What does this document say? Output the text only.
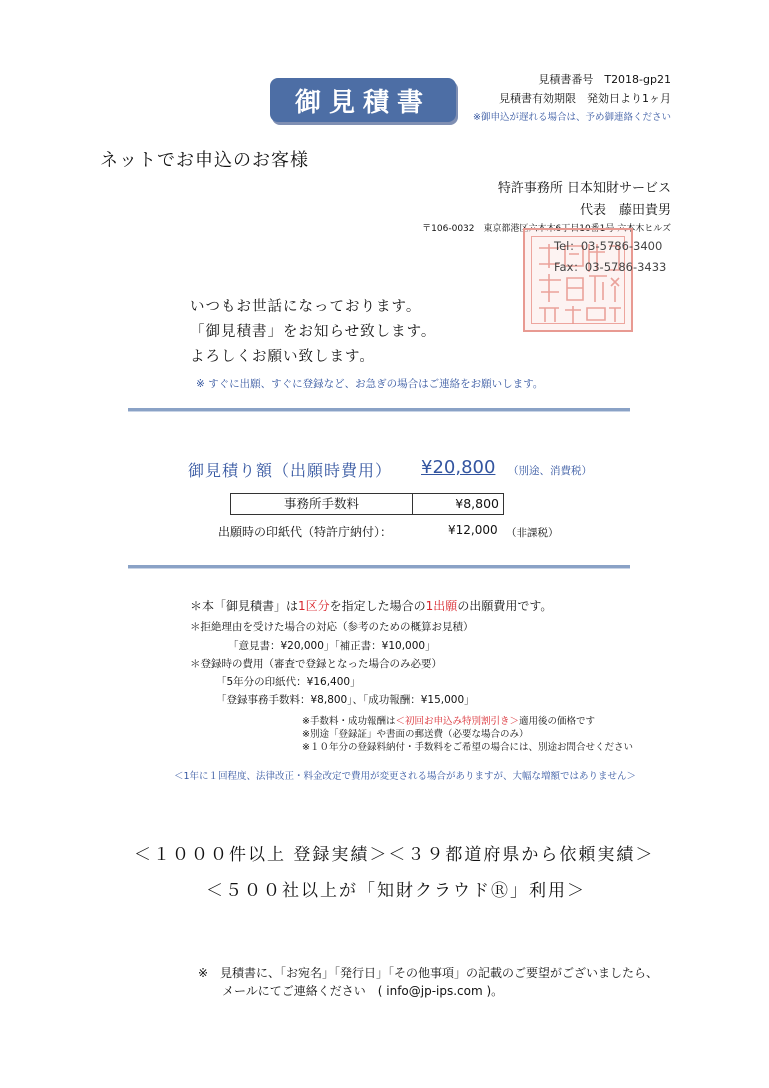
御見積書
見積書番号　T2018-gp21
見積書有効期限　発効日より1ヶ月
※御申込が遅れる場合は、予め御連絡ください
ネットでお申込のお客様
特許事務所 日本知財サービス
代表　藤田貴男
〒106-0032　東京都港区六本木6丁目10番1号 六本木ヒルズ
Tel：03-5786-3400
Fax：03-5786-3433
いつもお世話になっております。
「御見積書」をお知らせ致します。
よろしくお願い致します。
※ すぐに出願、すぐに登録など、お急ぎの場合はご連絡をお願いします。
御見積り額（出願時費用） ¥20,800 （別途、消費税）
事務所手数料	¥8,800
出願時の印紙代（特許庁納付）：	¥12,000 （非課税）
＊本「御見積書」は1区分を指定した場合の1出願の出願費用です。
＊拒絶理由を受けた場合の対応（参考のための概算お見積）
「意見書：¥20,000」「補正書：¥10,000」
＊登録時の費用（審査で登録となった場合のみ必要）
「5年分の印紙代：¥16,400」
「登録事務手数料：¥8,800」、「成功報酬：¥15,000」
※手数料・成功報酬は＜初回お申込み特別割引き＞適用後の価格です
※別途「登録証」や書面の郵送費（必要な場合のみ）
※１０年分の登録料納付・手数料をご希望の場合には、別途お問合せください
＜1年に１回程度、法律改正・料金改定で費用が変更される場合がありますが、大幅な増額ではありません＞
＜１０００件以上 登録実績＞＜３９都道府県から依頼実績＞
＜５００社以上が「知財クラウドⓇ」利用＞
※　見積書に、「お宛名」「発行日」「その他事項」の記載のご要望がございましたら、
メールにてご連絡ください　( info@jp-ips.com )。
